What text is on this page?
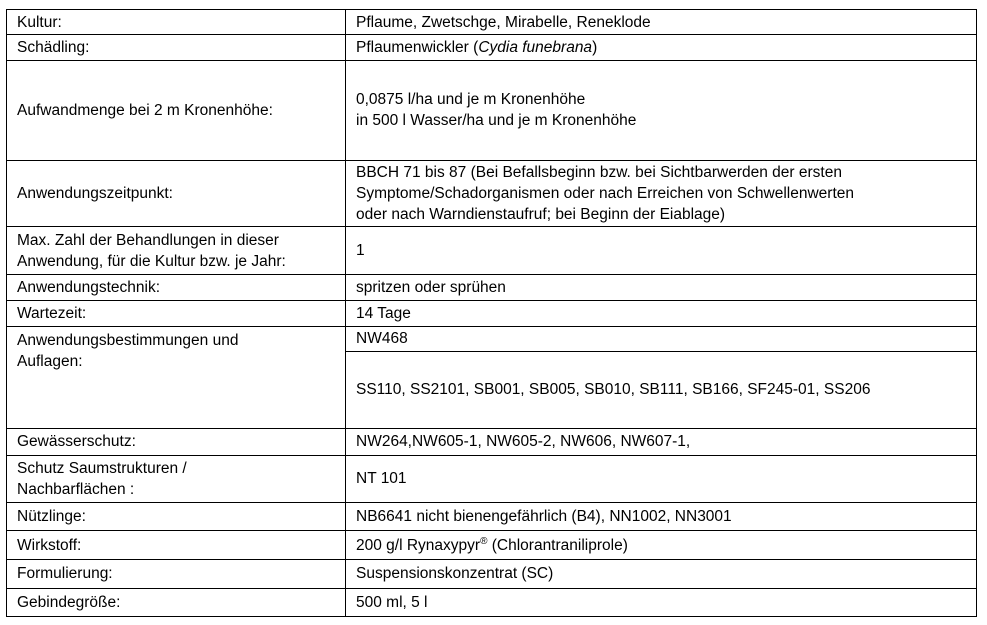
Kultur:	Pflaume, Zwetschge, Mirabelle, Reneklode
Schädling:	Pflaumenwickler (Cydia funebrana)
Aufwandmenge bei 2 m Kronenhöhe:	0,0875 l/ha und je m Kronenhöhe
in 500 l Wasser/ha und je m Kronenhöhe

Anwendungszeitpunkt:	BBCH 71 bis 87 (Bei Befallsbeginn bzw. bei Sichtbarwerden der ersten
Symptome/Schadorganismen oder nach Erreichen von Schwellenwerten
oder nach Warndienstaufruf; bei Beginn der Eiablage)

Max. Zahl der Behandlungen in dieser
Anwendung, für die Kultur bzw. je Jahr:	1
Anwendungstechnik:	spritzen oder sprühen
Wartezeit:	14 Tage

Anwendungsbestimmungen und
Auflagen:	NW468
	SS110, SS2101, SB001, SB005, SB010, SB111, SB166, SF245-01, SS206
Gewässerschutz:	NW264,NW605-1, NW605-2, NW606, NW607-1,

Schutz Saumstrukturen /
Nachbarflächen :	NT 101
Nützlinge:	NB6641 nicht bienengefährlich (B4), NN1002, NN3001
Wirkstoff:	200 g/l Rynaxypyr® (Chlorantraniliprole)
Formulierung:	Suspensionskonzentrat (SC)
Gebindegröße:	500 ml, 5 l
